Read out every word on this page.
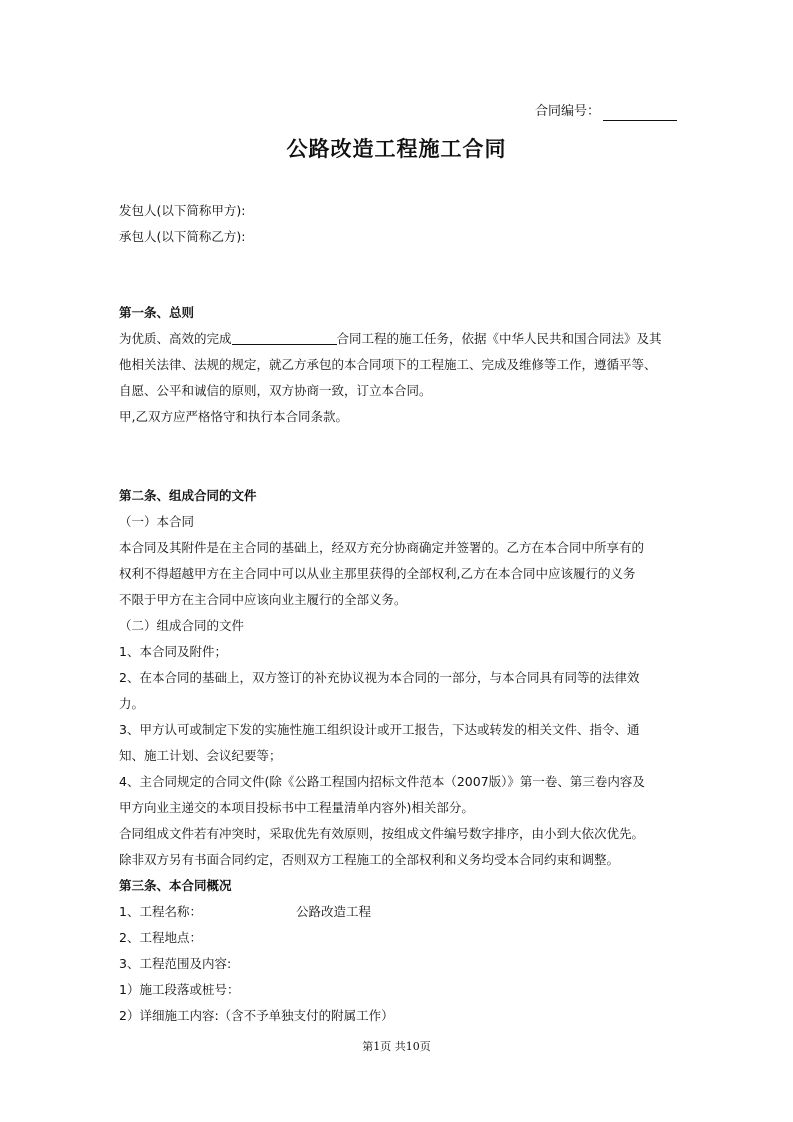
合同编号：
公路改造工程施工合同
发包人(以下简称甲方):
承包人(以下简称乙方):
第一条、总则
为优质、高效的完成	合同工程的施工任务，依据《中华人民共和国合同法》及其
他相关法律、法规的规定，就乙方承包的本合同项下的工程施工、完成及维修等工作，遵循平等、
自愿、公平和诚信的原则，双方协商一致，订立本合同。
甲,乙双方应严格恪守和执行本合同条款。
第二条、组成合同的文件
（一）本合同
本合同及其附件是在主合同的基础上，经双方充分协商确定并签署的。乙方在本合同中所享有的
权利不得超越甲方在主合同中可以从业主那里获得的全部权利,乙方在本合同中应该履行的义务
不限于甲方在主合同中应该向业主履行的全部义务。
（二）组成合同的文件
1、本合同及附件；
2、在本合同的基础上，双方签订的补充协议视为本合同的一部分，与本合同具有同等的法律效
力。
3、甲方认可或制定下发的实施性施工组织设计或开工报告，下达或转发的相关文件、指令、通
知、施工计划、会议纪要等；
4、主合同规定的合同文件(除《公路工程国内招标文件范本（2007版）》第一卷、第三卷内容及
甲方向业主递交的本项目投标书中工程量清单内容外)相关部分。
合同组成文件若有冲突时，采取优先有效原则，按组成文件编号数字排序，由小到大依次优先。
除非双方另有书面合同约定，否则双方工程施工的全部权利和义务均受本合同约束和调整。
第三条、本合同概况
1、工程名称：	公路改造工程
2、工程地点：
3、工程范围及内容:
1）施工段落或桩号：
2）详细施工内容:（含不予单独支付的附属工作）
第1页 共10页
